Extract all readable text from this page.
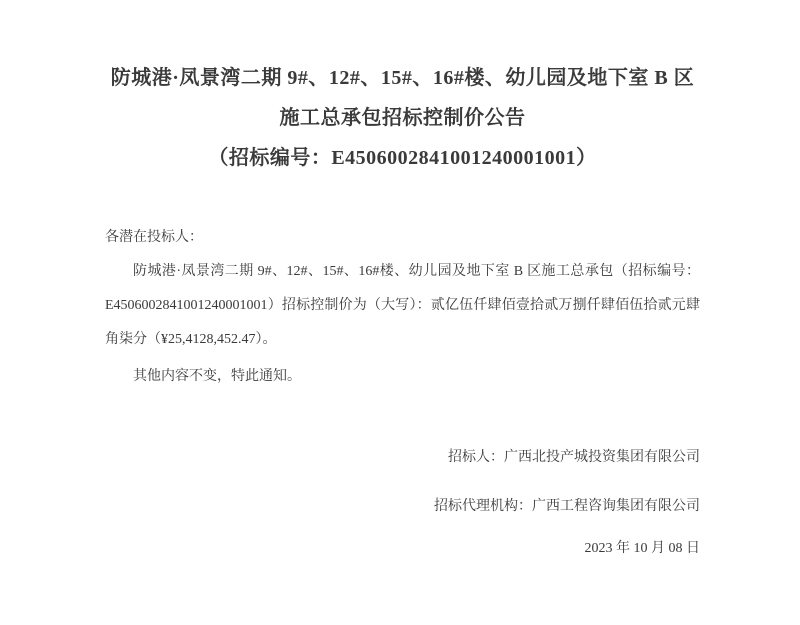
防城港·凤景湾二期 9#、12#、15#、16#楼、幼儿园及地下室 B 区施工总承包招标控制价公告
（招标编号：E4506002841001240001001）

各潜在投标人：

防城港·凤景湾二期 9#、12#、15#、16#楼、幼儿园及地下室 B 区施工总承包（招标编号：E4506002841001240001001）招标控制价为（大写）：贰亿伍仟肆佰壹拾贰万捌仟肆佰伍拾贰元肆角柒分（¥25,4128,452.47）。

其他内容不变，特此通知。

招标人：广西北投产城投资集团有限公司

招标代理机构：广西工程咨询集团有限公司

2023 年 10 月 08 日
